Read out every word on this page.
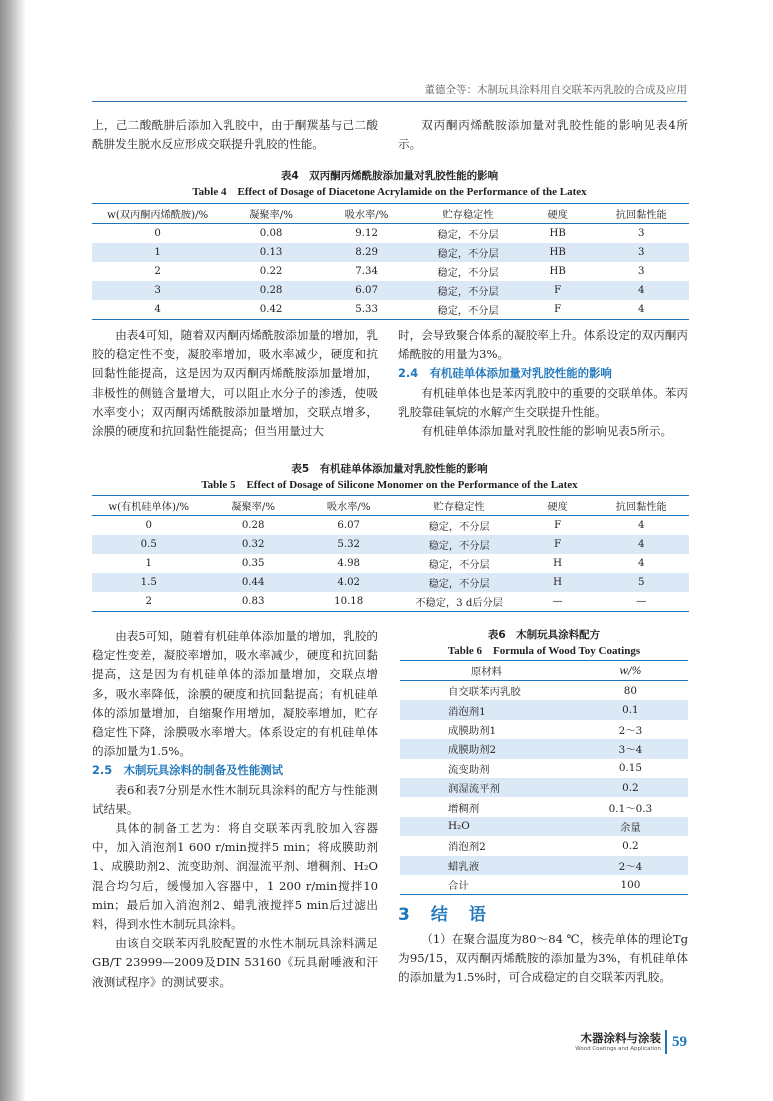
董德全等：木制玩具涂料用自交联苯丙乳胶的合成及应用

上，己二酸酰肼后添加入乳胶中，由于酮羰基与己二酸酰肼发生脱水反应形成交联提升乳胶的性能。

双丙酮丙烯酰胺添加量对乳胶性能的影响见表4所示。

表4　双丙酮丙烯酰胺添加量对乳胶性能的影响
Table 4　Effect of Dosage of Diacetone Acrylamide on the Performance of the Latex
w(双丙酮丙烯酰胺)/%	凝聚率/%	吸水率/%	贮存稳定性	硬度	抗回黏性能
0	0.08	9.12	稳定，不分层	HB	3
1	0.13	8.29	稳定，不分层	HB	3
2	0.22	7.34	稳定，不分层	HB	3
3	0.28	6.07	稳定，不分层	F	4
4	0.42	5.33	稳定，不分层	F	4

由表4可知，随着双丙酮丙烯酰胺添加量的增加，乳胶的稳定性不变，凝胶率增加，吸水率减少，硬度和抗回黏性能提高，这是因为双丙酮丙烯酰胺添加量增加，非极性的侧链含量增大，可以阻止水分子的渗透，使吸水率变小；双丙酮丙烯酰胺添加量增加，交联点增多，涂膜的硬度和抗回黏性能提高；但当用量过大

时，会导致聚合体系的凝胶率上升。体系设定的双丙酮丙烯酰胺的用量为3%。

2.4　有机硅单体添加量对乳胶性能的影响

有机硅单体也是苯丙乳胶中的重要的交联单体。苯丙乳胶靠硅氧烷的水解产生交联提升性能。

有机硅单体添加量对乳胶性能的影响见表5所示。

表5　有机硅单体添加量对乳胶性能的影响
Table 5　Effect of Dosage of Silicone Monomer on the Performance of the Latex
w(有机硅单体)/%	凝聚率/%	吸水率/%	贮存稳定性	硬度	抗回黏性能
0	0.28	6.07	稳定，不分层	F	4
0.5	0.32	5.32	稳定，不分层	F	4
1	0.35	4.98	稳定，不分层	H	4
1.5	0.44	4.02	稳定，不分层	H	5
2	0.83	10.18	不稳定，3 d后分层	—	—

由表5可知，随着有机硅单体添加量的增加，乳胶的稳定性变差，凝胶率增加，吸水率减少，硬度和抗回黏提高，这是因为有机硅单体的添加量增加，交联点增多，吸水率降低，涂膜的硬度和抗回黏提高；有机硅单体的添加量增加，自缩聚作用增加，凝胶率增加，贮存稳定性下降，涂膜吸水率增大。体系设定的有机硅单体的添加量为1.5%。

2.5　木制玩具涂料的制备及性能测试

表6和表7分别是水性木制玩具涂料的配方与性能测试结果。

具体的制备工艺为：将自交联苯丙乳胶加入容器中，加入消泡剂1 600 r/min搅拌5 min；将成膜助剂1、成膜助剂2、流变助剂、润湿流平剂、增稠剂、H₂O混合均匀后，缓慢加入容器中，1 200 r/min搅拌10 min；最后加入消泡剂2、蜡乳液搅拌5 min后过滤出料，得到水性木制玩具涂料。

由该自交联苯丙乳胶配置的水性木制玩具涂料满足GB/T 23999—2009及DIN 53160《玩具耐唾液和汗液测试程序》的测试要求。

表6　木制玩具涂料配方
Table 6　Formula of Wood Toy Coatings
原材料	w/%
自交联苯丙乳胶	80
消泡剂1	0.1
成膜助剂1	2～3
成膜助剂2	3～4
流变助剂	0.15
润湿流平剂	0.2
增稠剂	0.1～0.3
H₂O	余量
消泡剂2	0.2
蜡乳液	2～4
合计	100
3　结　语

（1）在聚合温度为80～84 ℃，核壳单体的理论Tg为95/15，双丙酮丙烯酰胺的添加量为3%，有机硅单体的添加量为1.5%时，可合成稳定的自交联苯丙乳胶。

木器涂料与涂装
Wood Coatings and Application 59
